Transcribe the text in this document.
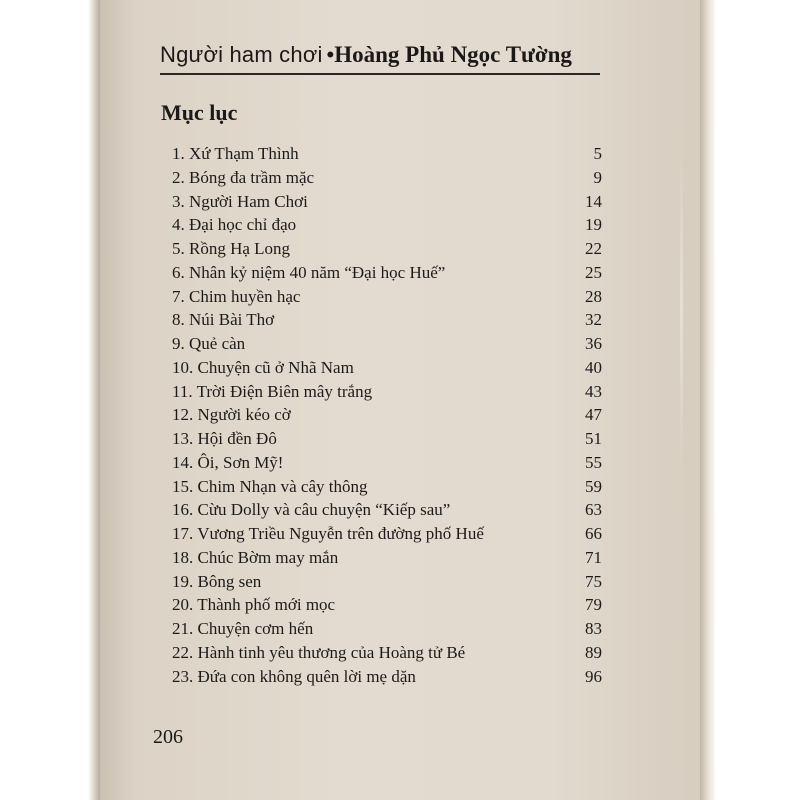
Người ham chơi •Hoàng Phủ Ngọc Tường
Mục lục
1. Xứ Thạm Thình	5
2. Bóng đa trầm mặc	9
3. Người Ham Chơi	14
4. Đại học chỉ đạo	19
5. Rồng Hạ Long	22
6. Nhân kỷ niệm 40 năm “Đại học Huế”	25
7. Chim huyền hạc	28
8. Núi Bài Thơ	32
9. Quẻ càn	36
10. Chuyện cũ ở Nhã Nam	40
11. Trời Điện Biên mây trắng	43
12. Người kéo cờ	47
13. Hội đền Đô	51
14. Ôi, Sơn Mỹ!	55
15. Chim Nhạn và cây thông	59
16. Cừu Dolly và câu chuyện “Kiếp sau”	63
17. Vương Triều Nguyễn trên đường phố Huế	66
18. Chúc Bờm may mắn	71
19. Bông sen	75
20. Thành phố mới mọc	79
21. Chuyện cơm hến	83
22. Hành tinh yêu thương của Hoàng tử Bé	89
23. Đứa con không quên lời mẹ dặn	96
206
